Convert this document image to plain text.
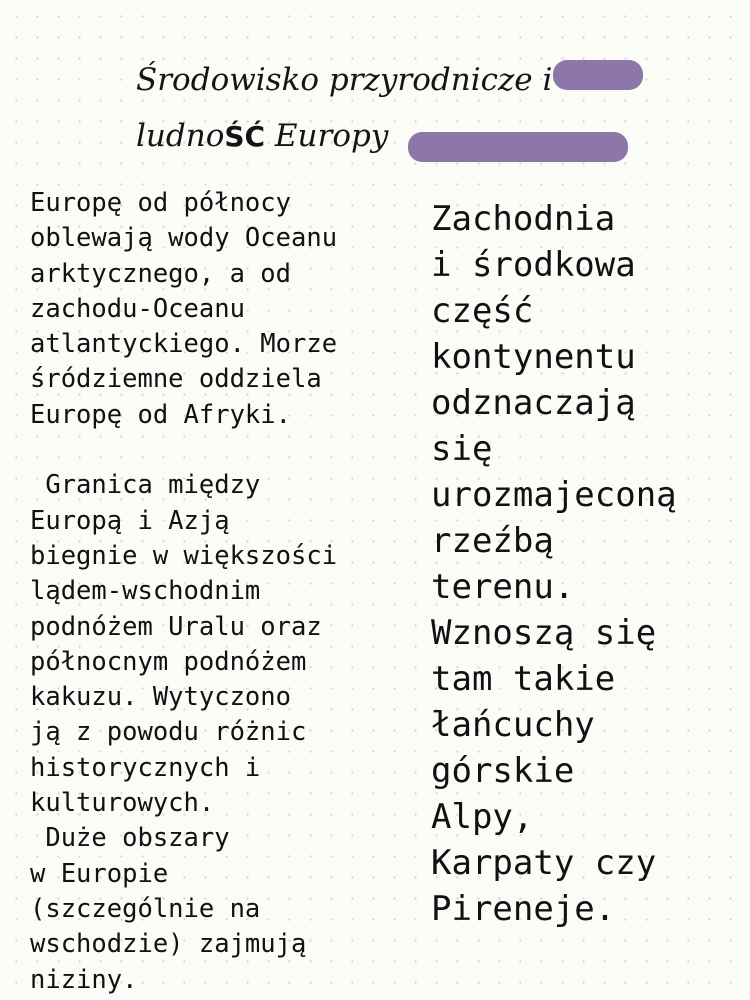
Środowisko przyrodnicze i
ludnoŚĆ Europy
Europę od północy
oblewają wody Oceanu
arktycznego, a od
zachodu-Oceanu
atlantyckiego. Morze
śródziemne oddziela
Europę od Afryki.

Granica między
Europą i Azją
biegnie w większości
lądem-wschodnim
podnóżem Uralu oraz
północnym podnóżem
kakuzu. Wytyczono
ją z powodu różnic
historycznych i
kulturowych.
Duże obszary
w Europie
(szczególnie na
wschodzie) zajmują
niziny.
Zachodnia
i środkowa
część
kontynentu
odznaczają
się
urozmajeconą
rzeźbą
terenu.
Wznoszą się
tam takie
łańcuchy
górskie
Alpy,
Karpaty czy
Pireneje.
